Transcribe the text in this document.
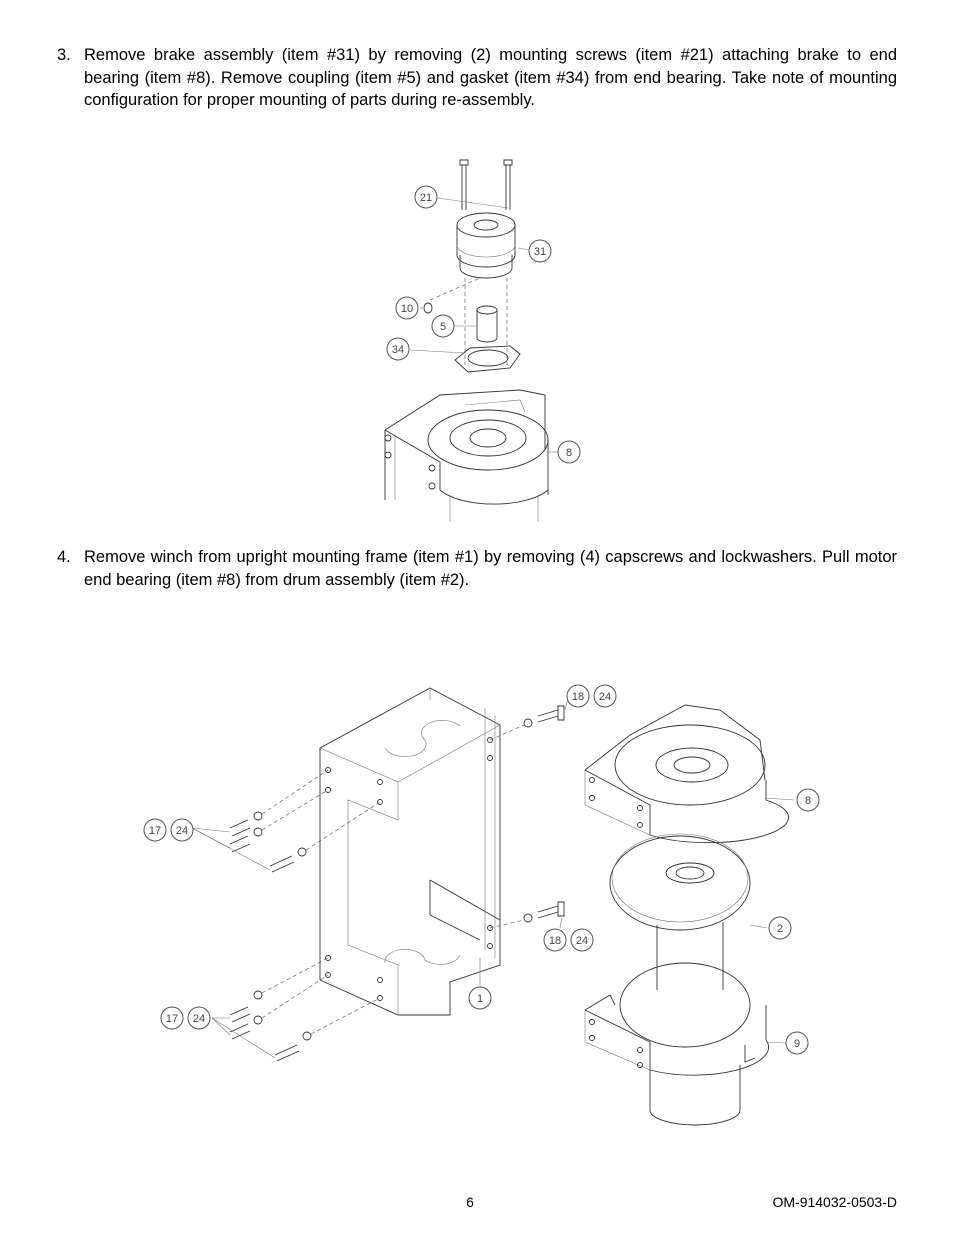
3. Remove brake assembly (item #31) by removing (2) mounting screws (item #21) attaching brake to end bearing (item #8). Remove coupling (item #5) and gasket (item #34) from end bearing. Take note of mounting configuration for proper mounting of parts during re-assembly.
21
31
10
5
34
8
4. Remove winch from upright mounting frame (item #1) by removing (4) capscrews and lockwashers. Pull motor end bearing (item #8) from drum assembly (item #2).
18 24
8
17 24
2
18 24
1
17 24
9
6	OM-914032-0503-D
